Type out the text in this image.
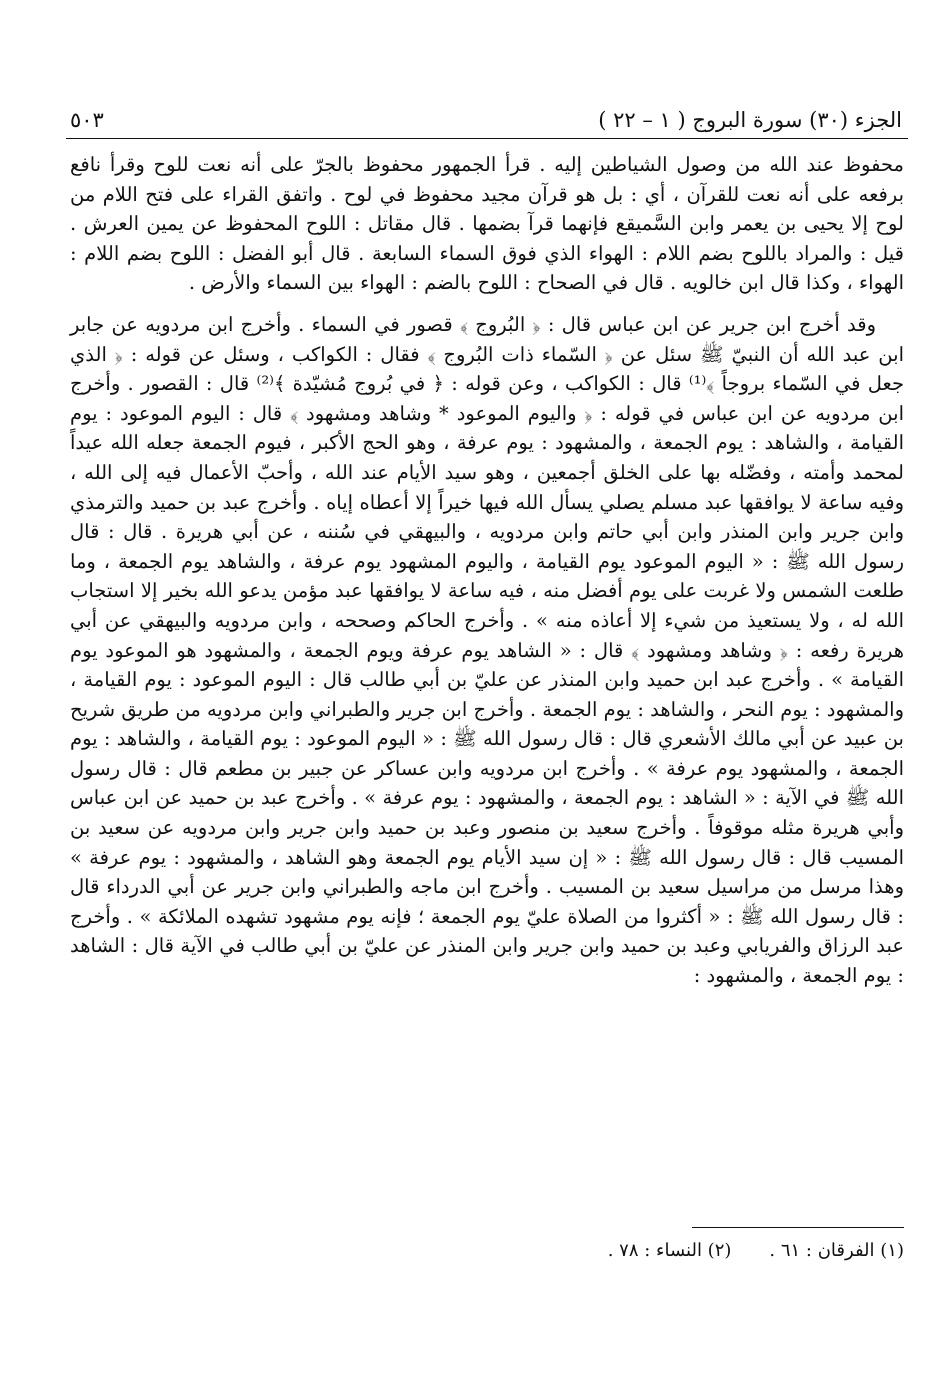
الجزء (٣٠) سورة البروج ( ١ – ٢٢ )
٥٠٣

محفوظ عند الله من وصول الشياطين إليه . قرأ الجمهور محفوظ بالجرّ على أنه نعت للوح وقرأ نافع برفعه على أنه نعت للقرآن ، أي : بل هو قرآن مجيد محفوظ في لوح . واتفق القراء على فتح اللام من لوح إلا يحيى بن يعمر وابن السَّميقع فإنهما قرآ بضمها . قال مقاتل : اللوح المحفوظ عن يمين العرش . قيل : والمراد باللوح بضم اللام : الهواء الذي فوق السماء السابعة . قال أبو الفضل : اللوح بضم اللام : الهواء ، وكذا قال ابن خالويه . قال في الصحاح : اللوح بالضم : الهواء بين السماء والأرض .

وقد أخرج ابن جرير عن ابن عباس قال : ﴿ البُروج ﴾ قصور في السماء . وأخرج ابن مردويه عن جابر ابن عبد الله أن النبيّ ﷺ سئل عن ﴿ السّماء ذات البُروج ﴾ فقال : الكواكب ، وسئل عن قوله : ﴿ الذي جعل في السّماء بروجاً ﴾⁽¹⁾ قال : الكواكب ، وعن قوله : ﴿ في بُروج مُشيّدة ﴾⁽²⁾ قال : القصور . وأخرج ابن مردويه عن ابن عباس في قوله : ﴿ واليوم الموعود * وشاهد ومشهود ﴾ قال : اليوم الموعود : يوم القيامة ، والشاهد : يوم الجمعة ، والمشهود : يوم عرفة ، وهو الحج الأكبر ، فيوم الجمعة جعله الله عيداً لمحمد وأمته ، وفضّله بها على الخلق أجمعين ، وهو سيد الأيام عند الله ، وأحبّ الأعمال فيه إلى الله ، وفيه ساعة لا يوافقها عبد مسلم يصلي يسأل الله فيها خيراً إلا أعطاه إياه . وأخرج عبد بن حميد والترمذي وابن جرير وابن المنذر وابن أبي حاتم وابن مردويه ، والبيهقي في سُننه ، عن أبي هريرة . قال : قال رسول الله ﷺ : « اليوم الموعود يوم القيامة ، واليوم المشهود يوم عرفة ، والشاهد يوم الجمعة ، وما طلعت الشمس ولا غربت على يوم أفضل منه ، فيه ساعة لا يوافقها عبد مؤمن يدعو الله بخير إلا استجاب الله له ، ولا يستعيذ من شيء إلا أعاذه منه » . وأخرج الحاكم وصححه ، وابن مردويه والبيهقي عن أبي هريرة رفعه : ﴿ وشاهد ومشهود ﴾ قال : « الشاهد يوم عرفة ويوم الجمعة ، والمشهود هو الموعود يوم القيامة » . وأخرج عبد ابن حميد وابن المنذر عن عليّ بن أبي طالب قال : اليوم الموعود : يوم القيامة ، والمشهود : يوم النحر ، والشاهد : يوم الجمعة . وأخرج ابن جرير والطبراني وابن مردويه من طريق شريح بن عبيد عن أبي مالك الأشعري قال : قال رسول الله ﷺ : « اليوم الموعود : يوم القيامة ، والشاهد : يوم الجمعة ، والمشهود يوم عرفة » . وأخرج ابن مردويه وابن عساكر عن جبير بن مطعم قال : قال رسول الله ﷺ في الآية : « الشاهد : يوم الجمعة ، والمشهود : يوم عرفة » . وأخرج عبد بن حميد عن ابن عباس وأبي هريرة مثله موقوفاً . وأخرج سعيد بن منصور وعبد بن حميد وابن جرير وابن مردويه عن سعيد بن المسيب قال : قال رسول الله ﷺ : « إن سيد الأيام يوم الجمعة وهو الشاهد ، والمشهود : يوم عرفة » وهذا مرسل من مراسيل سعيد بن المسيب . وأخرج ابن ماجه والطبراني وابن جرير عن أبي الدرداء قال : قال رسول الله ﷺ : « أكثروا من الصلاة عليّ يوم الجمعة ؛ فإنه يوم مشهود تشهده الملائكة » . وأخرج عبد الرزاق والفريابي وعبد بن حميد وابن جرير وابن المنذر عن عليّ بن أبي طالب في الآية قال : الشاهد : يوم الجمعة ، والمشهود :

(١) الفرقان : ٦١ .
(٢) النساء : ٧٨ .
